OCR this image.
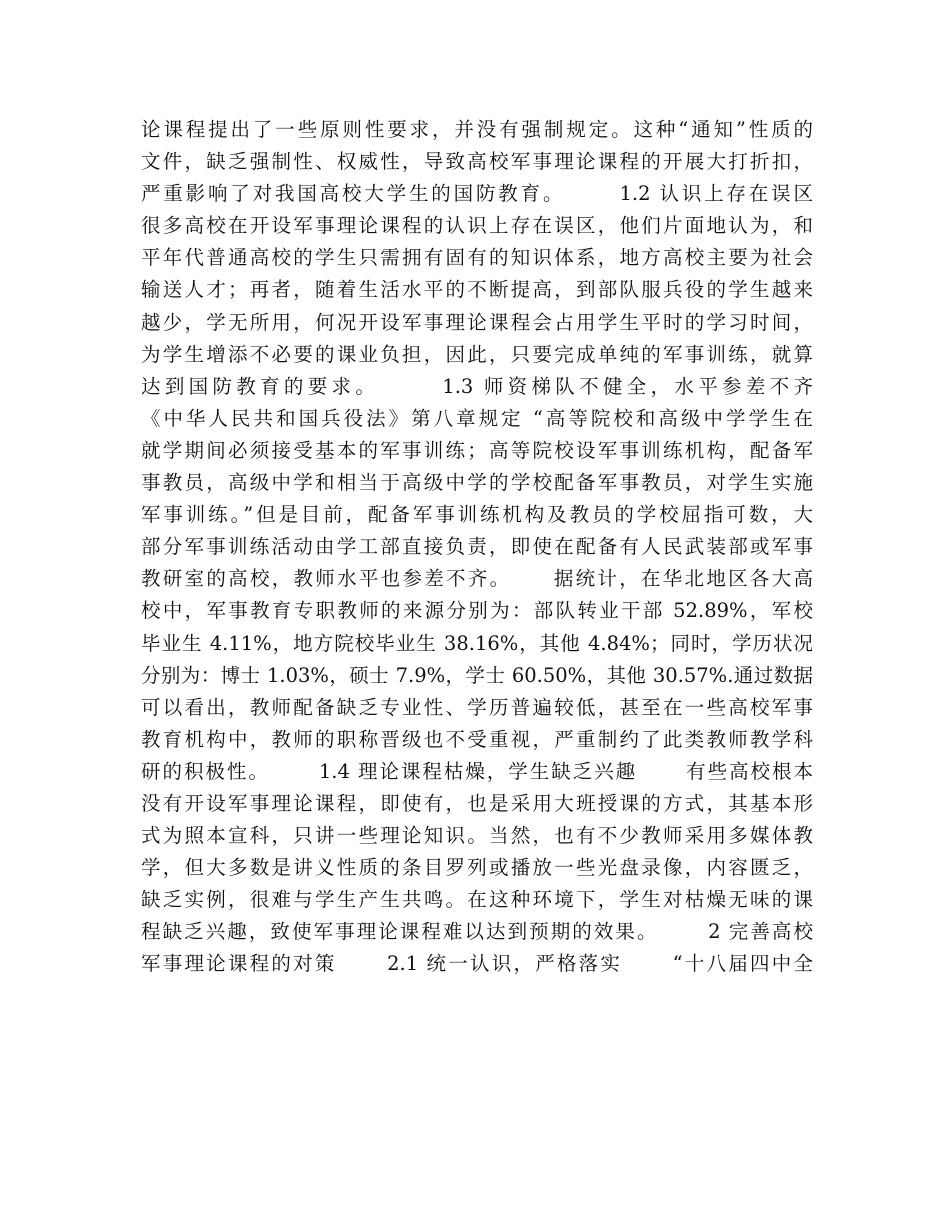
论课程提出了一些原则性要求，并没有强制规定。这种“通知”性质的
文件，缺乏强制性、权威性，导致高校军事理论课程的开展大打折扣，
严重影响了对我国高校大学生的国防教育。      1.2 认识上存在误区
很多高校在开设军事理论课程的认识上存在误区，他们片面地认为，和
平年代普通高校的学生只需拥有固有的知识体系，地方高校主要为社会
输送人才；再者，随着生活水平的不断提高，到部队服兵役的学生越来
越少，学无所用，何况开设军事理论课程会占用学生平时的学习时间，
为学生增添不必要的课业负担，因此，只要完成单纯的军事训练，就算
达到国防教育的要求。      1.3 师资梯队不健全，水平参差不齐
《中华人民共和国兵役法》第八章规定 “高等院校和高级中学学生在
就学期间必须接受基本的军事训练；高等院校设军事训练机构，配备军
事教员，高级中学和相当于高级中学的学校配备军事教员，对学生实施
军事训练。”但是目前，配备军事训练机构及教员的学校屈指可数，大
部分军事训练活动由学工部直接负责，即使在配备有人民武装部或军事
教研室的高校，教师水平也参差不齐。     据统计，在华北地区各大高
校中，军事教育专职教师的来源分别为：部队转业干部 52.89%，军校
毕业生 4.11%，地方院校毕业生 38.16%，其他 4.84%；同时，学历状况
分别为：博士 1.03%，硕士 7.9%，学士 60.50%，其他 30.57%.通过数据
可以看出，教师配备缺乏专业性、学历普遍较低，甚至在一些高校军事
教育机构中，教师的职称晋级也不受重视，严重制约了此类教师教学科
研的积极性。      1.4 理论课程枯燥，学生缺乏兴趣      有些高校根本
没有开设军事理论课程，即使有，也是采用大班授课的方式，其基本形
式为照本宣科，只讲一些理论知识。当然，也有不少教师采用多媒体教
学，但大多数是讲义性质的条目罗列或播放一些光盘录像，内容匮乏，
缺乏实例，很难与学生产生共鸣。在这种环境下，学生对枯燥无味的课
程缺乏兴趣，致使军事理论课程难以达到预期的效果。      2 完善高校
军事理论课程的对策      2.1 统一认识，严格落实      “十八届四中全
